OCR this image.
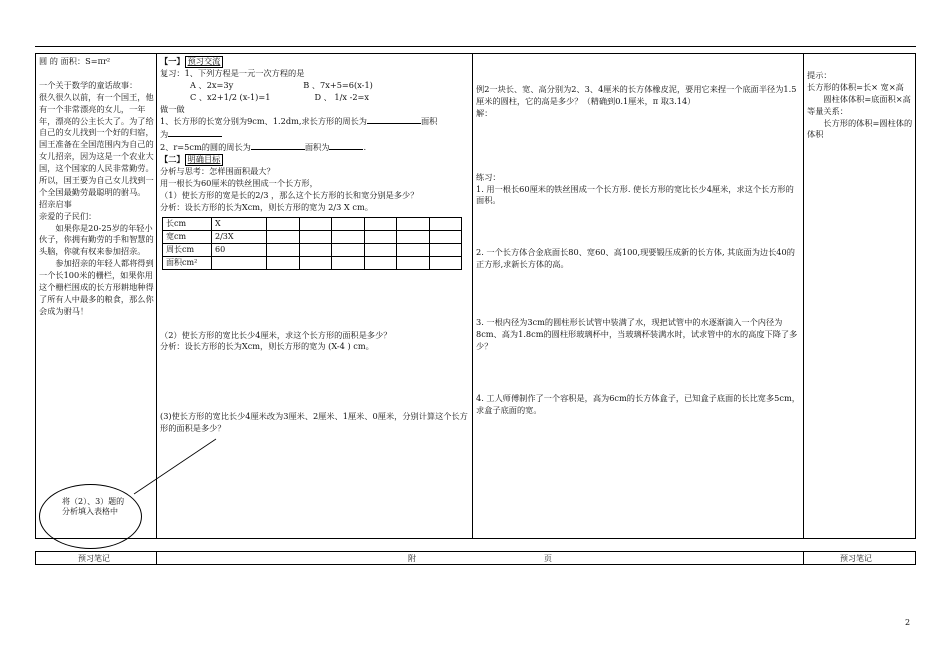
圆 的 面积：S=πr²

一个关于数学的童话故事：

很久很久以前，有一个国王，他有一个非常漂亮的女儿，一年年，漂亮的公主长大了。为了给自己的女儿找到一个好的归宿，国王准备在全国范围内为自己的女儿招亲，因为这是一个农业大国，这个国家的人民非常勤劳。所以，国王要为自己女儿找到一个全国最勤劳最聪明的驸马。

招亲启事

亲爱的子民们：

如果你是20-25岁的年轻小伙子，你拥有勤劳的手和智慧的头脑，你就有权来参加招亲。

参加招亲的年轻人都将得到一个长100米的栅栏，如果你用这个栅栏围成的长方形耕地种得了所有人中最多的粮食，那么你会成为驸马！

将（2）、3）题的分析填入表格中

【一】 预习交流

复习：1、下列方程是一元一次方程的是

A 、2x=3y	B 、7x+5=6(x-1)

C 、x2+1/2 (x-1)=1	D 、 1/x -2=x

做一做

1、长方形的长宽分别为9cm、1.2dm,求长方形的周长为	面积

为

2、r=5cm的圆的周长为	面积为	.

【二】 明确目标

分析与思考：怎样围面积最大？

用一根长为60厘米的铁丝围成一个长方形，

（1）使长方形的宽是长的2/3 ，那么这个长方形的长和宽分别是多少？

分析：设长方形的长为Xcm，则长方形的宽为 2/3 X cm。

长cm	X						
宽cm	2/3X						
周长cm	60						
面积cm²							

（2）使长方形的宽比长少4厘米，求这个长方形的面积是多少？

分析：设长方形的长为Xcm，则长方形的宽为 (X-4 ) cm。

(3)使长方形的宽比长少4厘米改为3厘米、2厘米、1厘米、0厘米，分别计算这个长方形的面积是多少？

例2一块长、宽、高分别为2、3、4厘米的长方体橡皮泥，要用它来捏一个底面半径为1.5厘米的圆柱，它的高是多少？（精确到0.1厘米，π 取3.14）

解：

练习：

1. 用一根长60厘米的铁丝围成一个长方形. 使长方形的宽比长少4厘米，求这个长方形的面积。

2. 一个长方体合金底面长80、宽60、高100,现要锻压成新的长方体, 其底面为边长40的正方形,求新长方体的高。

3. 一根内径为3cm的圆柱形长试管中装满了水，现把试管中的水逐渐滴入一个内径为8cm、高为1.8cm的圆柱形玻璃杯中，当玻璃杯装满水时，试求管中的水的高度下降了多少？

4. 工人师傅制作了一个容积是，高为6cm的长方体盒子，已知盒子底面的长比宽多5cm，求盒子底面的宽。

提示：

长方形的体积=长× 宽×高

圆柱体体积=底面积×高

等量关系：

长方形的体积=圆柱体的体积

预习笔记	附	页	预习笔记
2
